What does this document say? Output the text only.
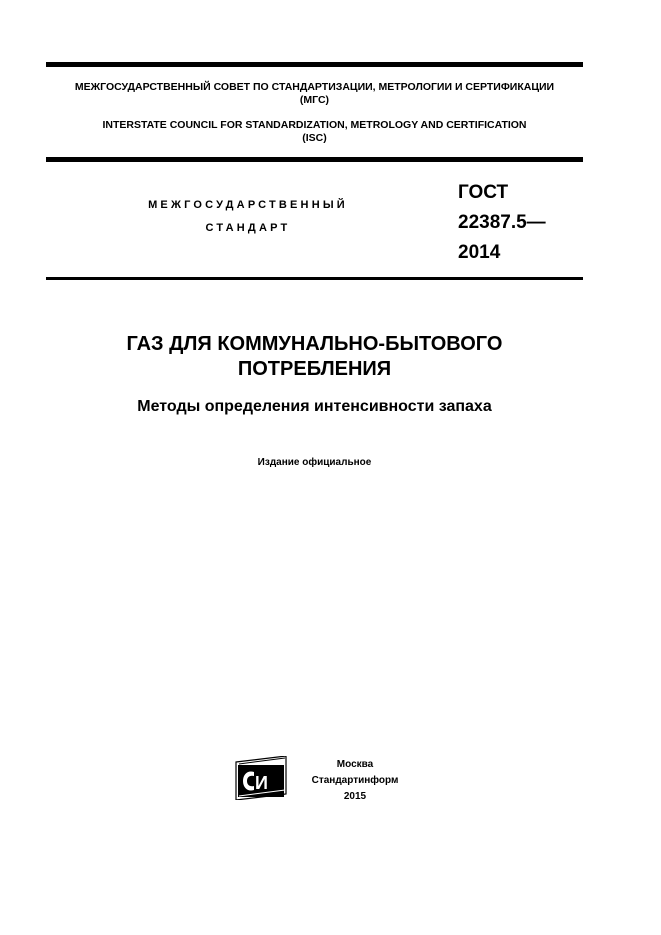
МЕЖГОСУДАРСТВЕННЫЙ СОВЕТ ПО СТАНДАРТИЗАЦИИ, МЕТРОЛОГИИ И СЕРТИФИКАЦИИ
(МГС)
INTERSTATE COUNCIL FOR STANDARDIZATION, METROLOGY AND CERTIFICATION
(ISC)
МЕЖГОСУДАРСТВЕННЫЙ
СТАНДАРТ
ГОСТ
22387.5—
2014
ГАЗ ДЛЯ КОММУНАЛЬНО-БЫТОВОГО
ПОТРЕБЛЕНИЯ
Методы определения интенсивности запаха
Издание официальное
И
Москва
Стандартинформ
2015
